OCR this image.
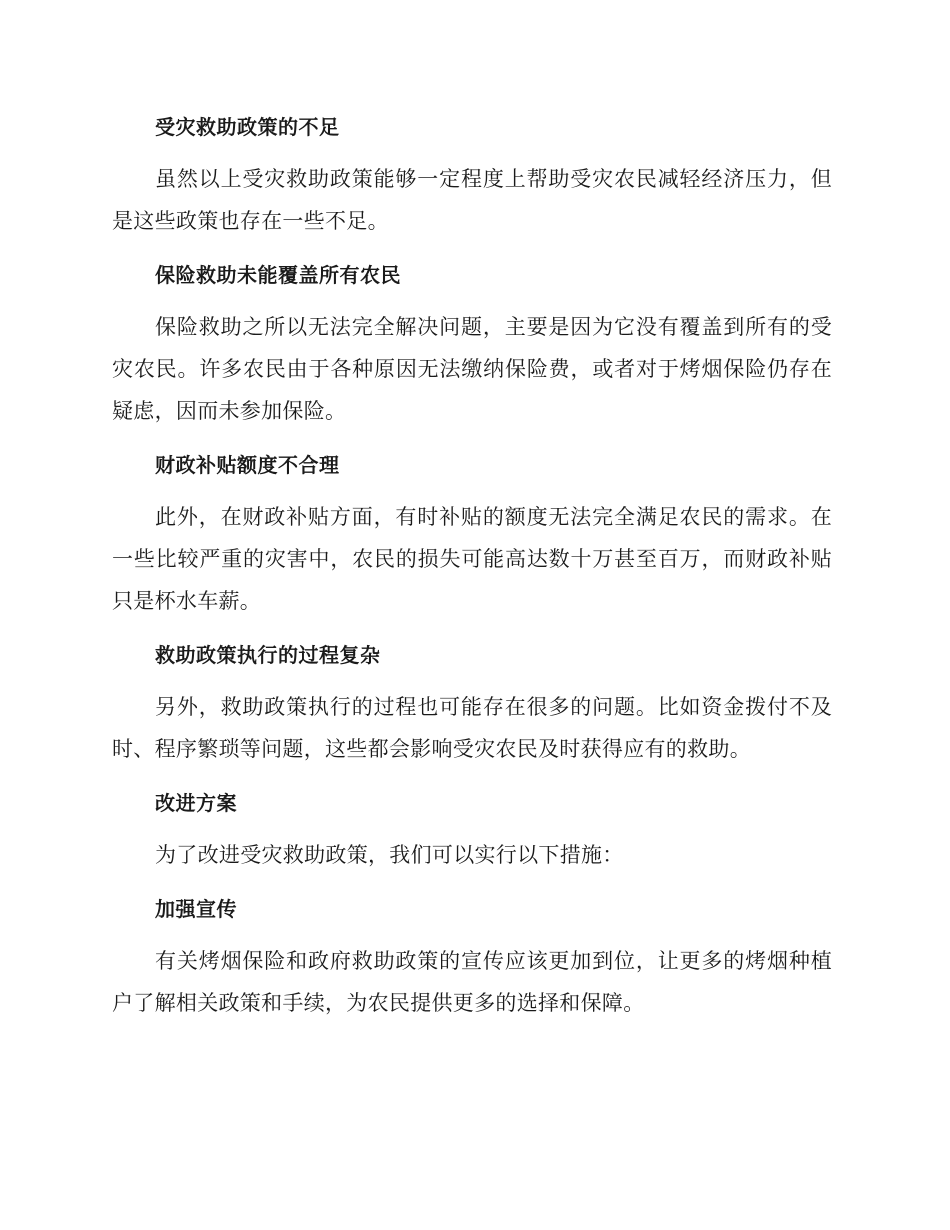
受灾救助政策的不足

虽然以上受灾救助政策能够一定程度上帮助受灾农民减轻经济压力，但是这些政策也存在一些不足。

保险救助未能覆盖所有农民

保险救助之所以无法完全解决问题，主要是因为它没有覆盖到所有的受灾农民。许多农民由于各种原因无法缴纳保险费，或者对于烤烟保险仍存在疑虑，因而未参加保险。

财政补贴额度不合理

此外，在财政补贴方面，有时补贴的额度无法完全满足农民的需求。在一些比较严重的灾害中，农民的损失可能高达数十万甚至百万，而财政补贴只是杯水车薪。

救助政策执行的过程复杂

另外，救助政策执行的过程也可能存在很多的问题。比如资金拨付不及时、程序繁琐等问题，这些都会影响受灾农民及时获得应有的救助。

改进方案

为了改进受灾救助政策，我们可以实行以下措施：

加强宣传

有关烤烟保险和政府救助政策的宣传应该更加到位，让更多的烤烟种植户了解相关政策和手续，为农民提供更多的选择和保障。
